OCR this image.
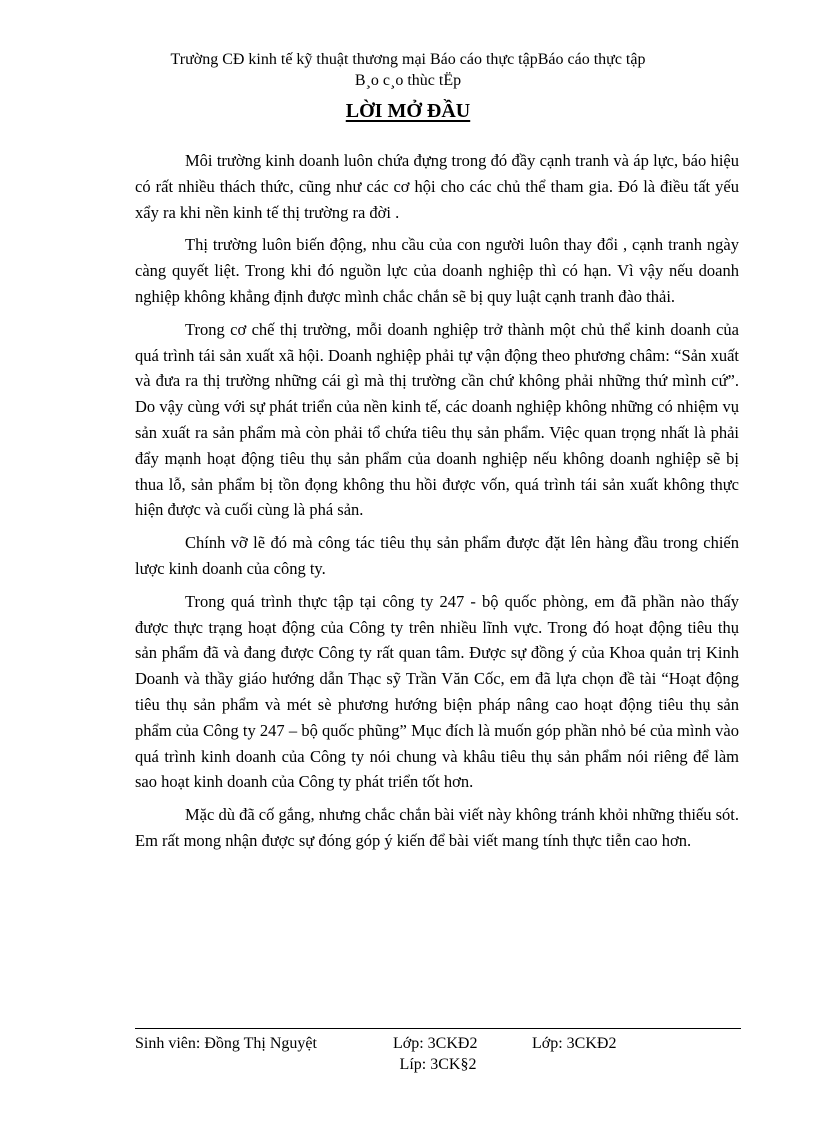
Trường CĐ kinh tế kỹ thuật thương mại Báo cáo thực tậpBáo cáo thực tập
B¸o c¸o thùc tËp
LỜI MỞ ĐẦU

Môi trường kinh doanh luôn chứa đựng trong đó đầy cạnh tranh và áp lực, báo hiệu có rất nhiều thách thức, cũng như các cơ hội cho các chủ thể tham gia. Đó là điều tất yếu xẩy ra khi nền kinh tế thị trường ra đời .

Thị trường luôn biến động, nhu cầu của con người luôn thay đổi , cạnh tranh ngày càng quyết liệt. Trong khi đó nguồn lực của doanh nghiệp thì có hạn. Vì vậy nếu doanh nghiệp không khẳng định được mình chắc chắn sẽ bị quy luật cạnh tranh đào thải.

Trong cơ chế thị trường, mỗi doanh nghiệp trở thành một chủ thể kinh doanh của quá trình tái sản xuất xã hội. Doanh nghiệp phải tự vận động theo phương châm: “Sản xuất và đưa ra thị trường những cái gì mà thị trường cần chứ không phải những thứ mình cứ”. Do vậy cùng với sự phát triển của nền kinh tế, các doanh nghiệp không những có nhiệm vụ sản xuất ra sản phẩm mà còn phải tổ chứa tiêu thụ sản phẩm. Việc quan trọng nhất là phải đẩy mạnh hoạt động tiêu thụ sản phẩm của doanh nghiệp nếu không doanh nghiệp sẽ bị thua lỗ, sản phẩm bị tồn đọng không thu hồi được vốn, quá trình tái sản xuất không thực hiện được và cuối cùng là phá sản.

Chính vỡ lẽ đó mà công tác tiêu thụ sản phẩm được đặt lên hàng đầu trong chiến lược kinh doanh của công ty.

Trong quá trình thực tập tại công ty 247 - bộ quốc phòng, em đã phần nào thấy được thực trạng hoạt động của Công ty trên nhiều lĩnh vực. Trong đó hoạt động tiêu thụ sản phẩm đã và đang được Công ty rất quan tâm. Được sự đồng ý của Khoa quản trị Kinh Doanh và thầy giáo hướng dẫn Thạc sỹ Trần Văn Cốc, em đã lựa chọn đề tài “Hoạt động tiêu thụ sản phẩm và mét sè phương hướng biện pháp nâng cao hoạt động tiêu thụ sản phẩm của Công ty 247 – bộ quốc phũng” Mục đích là muốn góp phần nhỏ bé của mình vào quá trình kinh doanh của Công ty nói chung và khâu tiêu thụ sản phẩm nói riêng để làm sao hoạt kinh doanh của Công ty phát triển tốt hơn.

Mặc dù đã cố gắng, nhưng chắc chắn bài viết này không tránh khỏi những thiếu sót. Em rất mong nhận được sự đóng góp ý kiến để bài viết mang tính thực tiễn cao hơn.

Sinh viên: Đồng Thị Nguyệt	Lớp: 3CKĐ2	Lớp: 3CKĐ2
Líp: 3CK§2
